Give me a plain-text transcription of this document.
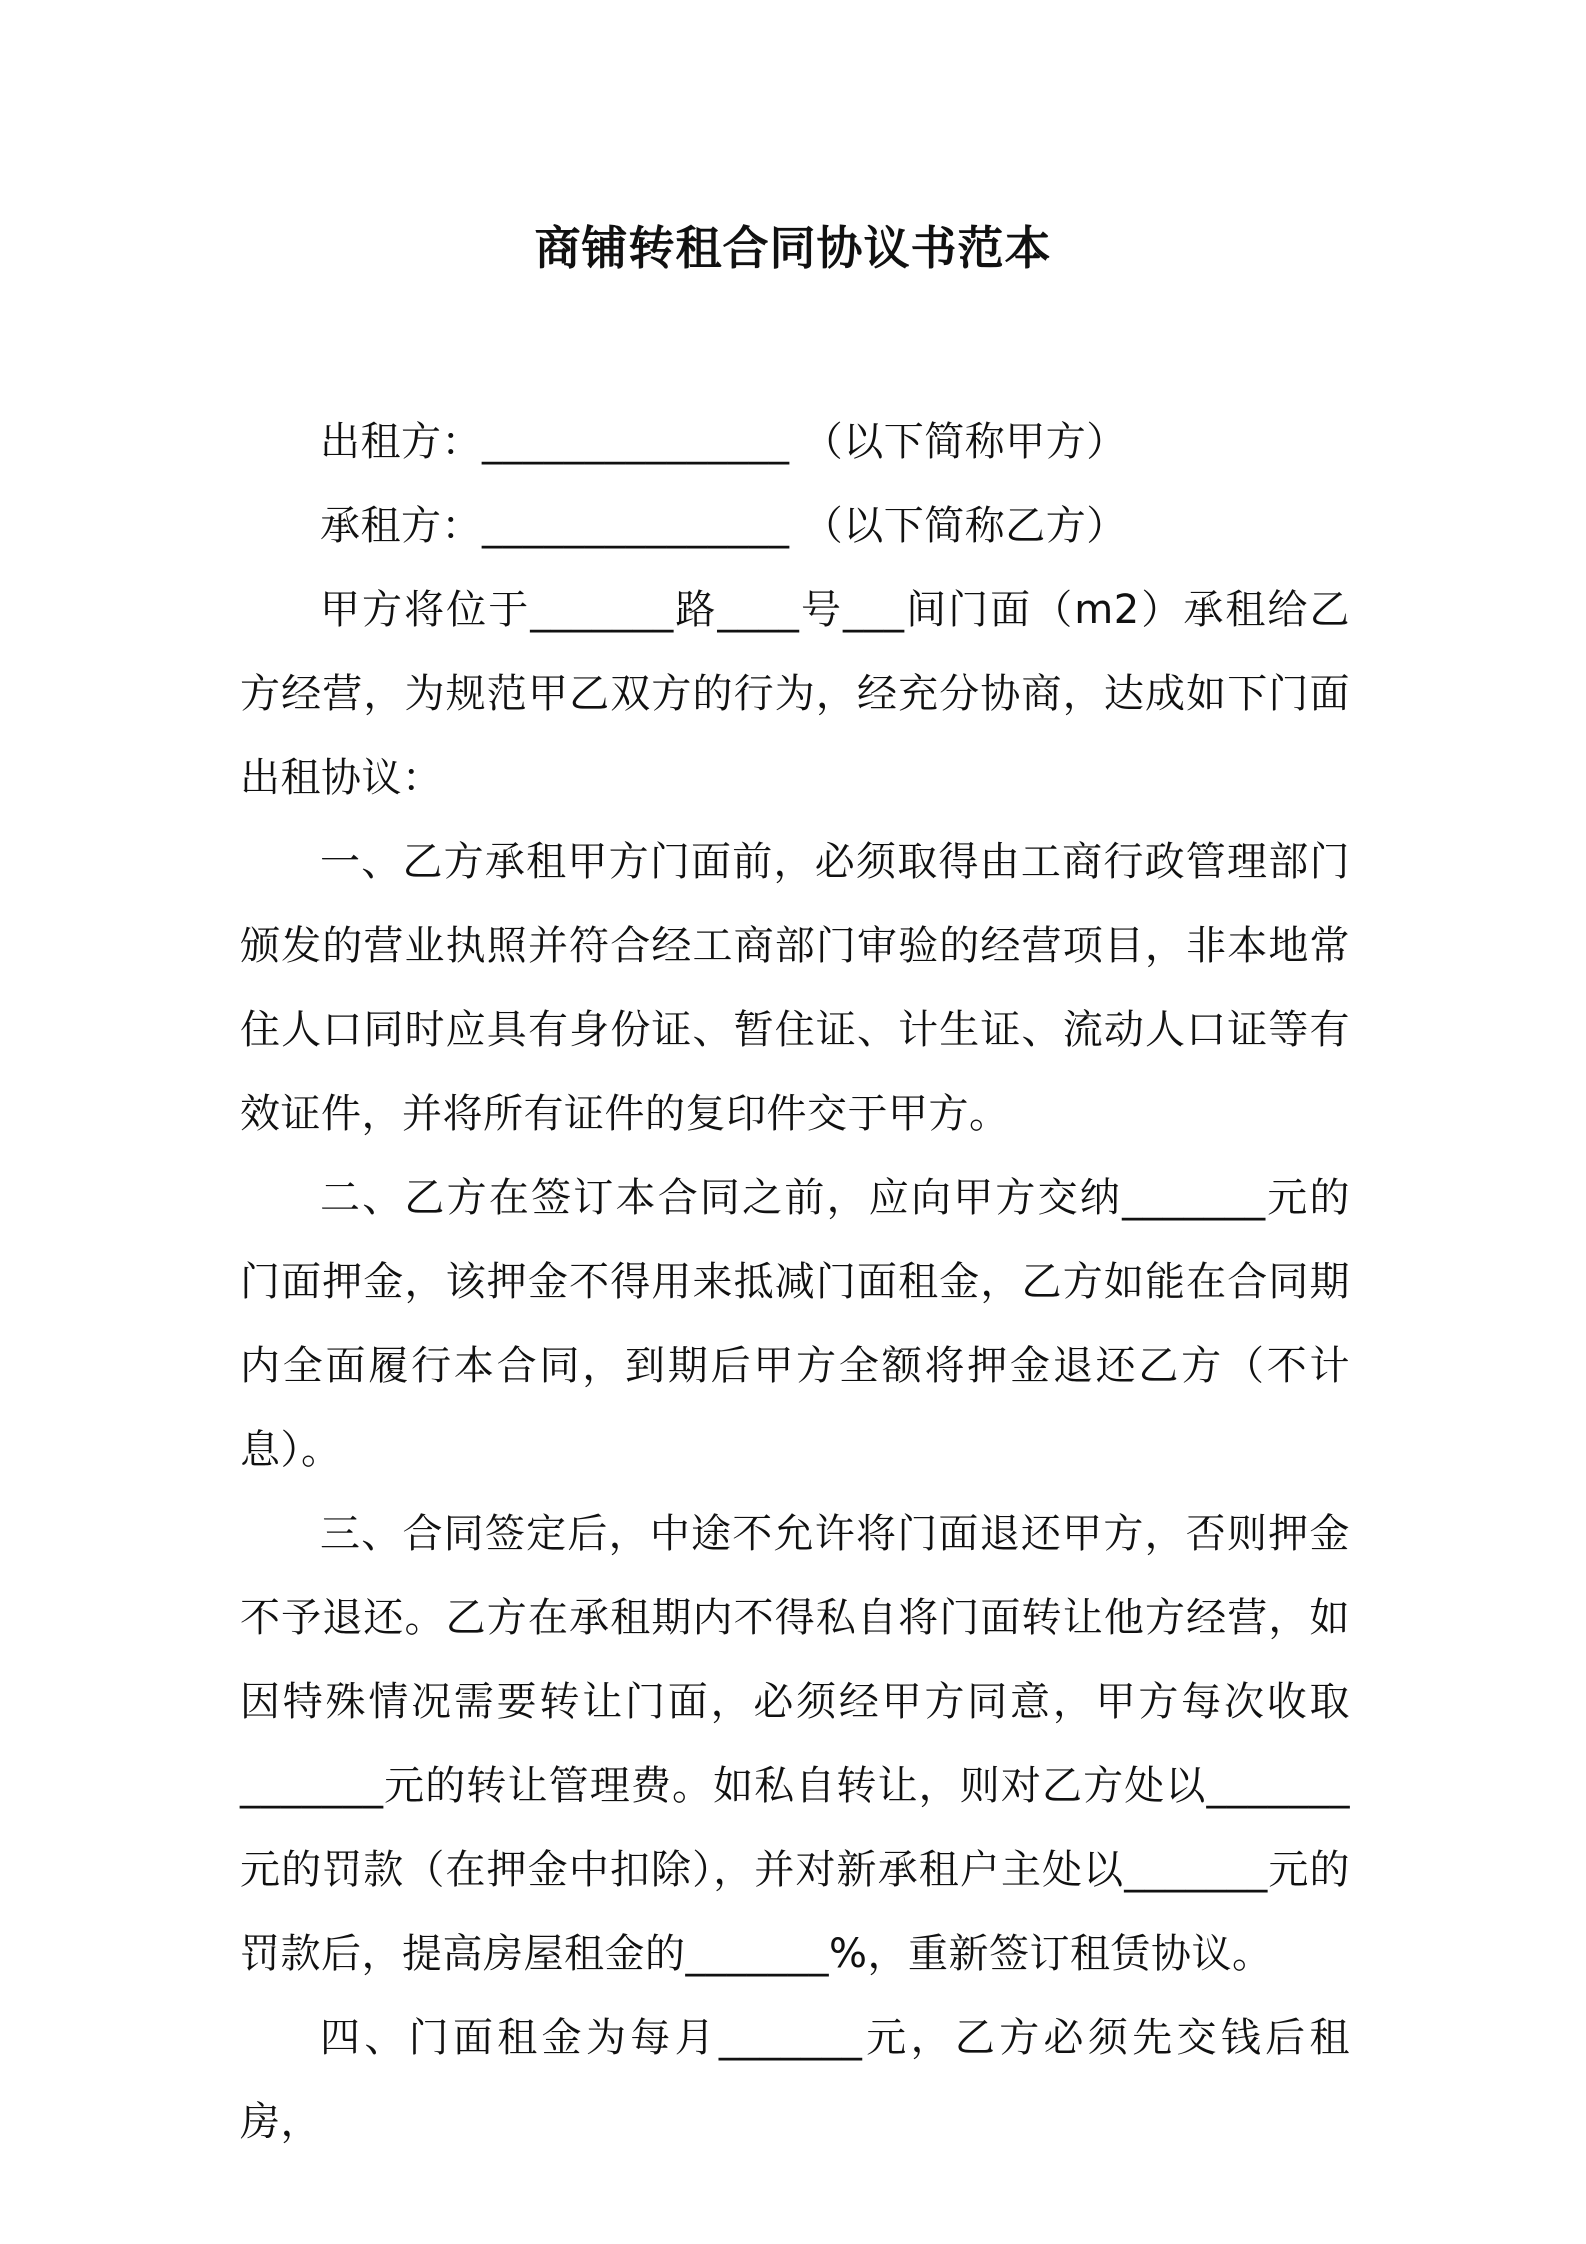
商铺转租合同协议书范本

出租方：_______________ （以下简称甲方）

承租方：_______________ （以下简称乙方）

甲方将位于_______路____号___间门面（m2）承租给乙方经营，为规范甲乙双方的行为，经充分协商，达成如下门面出租协议：

一、乙方承租甲方门面前，必须取得由工商行政管理部门颁发的营业执照并符合经工商部门审验的经营项目，非本地常住人口同时应具有身份证、暂住证、计生证、流动人口证等有效证件，并将所有证件的复印件交于甲方。

二、乙方在签订本合同之前，应向甲方交纳_______元的门面押金，该押金不得用来抵减门面租金，乙方如能在合同期内全面履行本合同，到期后甲方全额将押金退还乙方（不计息）。

三、合同签定后，中途不允许将门面退还甲方，否则押金不予退还。乙方在承租期内不得私自将门面转让他方经营，如因特殊情况需要转让门面，必须经甲方同意，甲方每次收取_______元的转让管理费。如私自转让，则对乙方处以_______元的罚款（在押金中扣除），并对新承租户主处以_______元的罚款后，提高房屋租金的_______%，重新签订租赁协议。

四、门面租金为每月_______元，乙方必须先交钱后租房，
